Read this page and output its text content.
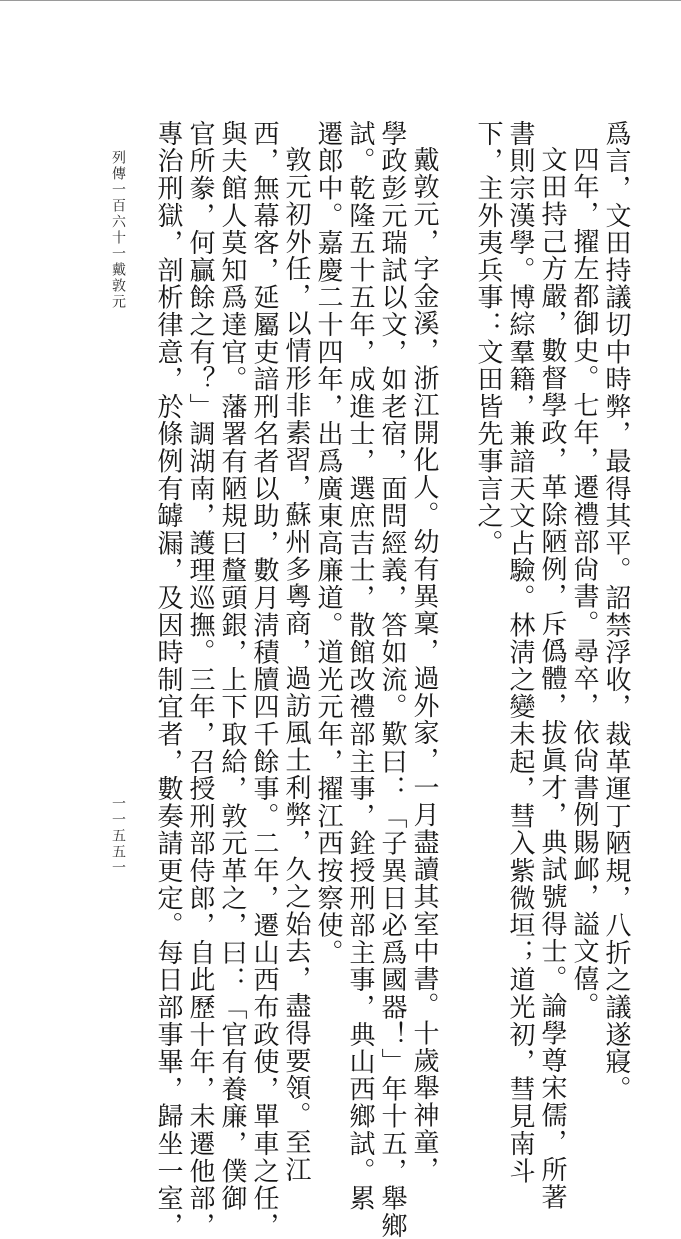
爲言，文田持議切中時弊，最得其平。詔禁浮收，裁革運丁陋規，八折之議遂寢。
四年，擢左都御史。七年，遷禮部尙書。尋卒，依尙書例賜䘏，謚文僖。
文田持己方嚴，數督學政，革除陋例，斥僞體，拔眞才，典試號得士。論學尊宋儒，所著
書則宗漢學。博綜羣籍，兼諳天文占驗。林淸之變未起，彗入紫微垣；道光初，彗見南斗
下，主外夷兵事：文田皆先事言之。
戴敦元，字金溪，浙江開化人。幼有異稟，過外家，一月盡讀其室中書。十歲舉神童，
學政彭元瑞試以文，如老宿，面問經義，答如流。歎曰：「子異日必爲國器！」年十五，舉鄉
試。乾隆五十五年，成進士，選庶吉士，散館改禮部主事，銓授刑部主事，典山西鄉試。累
遷郎中。嘉慶二十四年，出爲廣東高廉道。道光元年，擢江西按察使。
敦元初外任，以情形非素習，蘇州多粵商，過訪風土利弊，久之始去，盡得要領。至江
西，無幕客，延屬吏諳刑名者以助，數月淸積牘四千餘事。二年，遷山西布政使，單車之任，
與夫館人莫知爲達官。藩署有陋規曰釐頭銀，上下取給，敦元革之，曰：「官有養廉，僕御
官所豢，何贏餘之有？」調湖南，護理巡撫。三年，召授刑部侍郎，自此歷十年，未遷他部，
專治刑獄，剖析律意，於條例有罅漏，及因時制宜者，數奏請更定。每日部事畢，歸坐一室，
列傳一百六十一
戴敦元
一一五五一
